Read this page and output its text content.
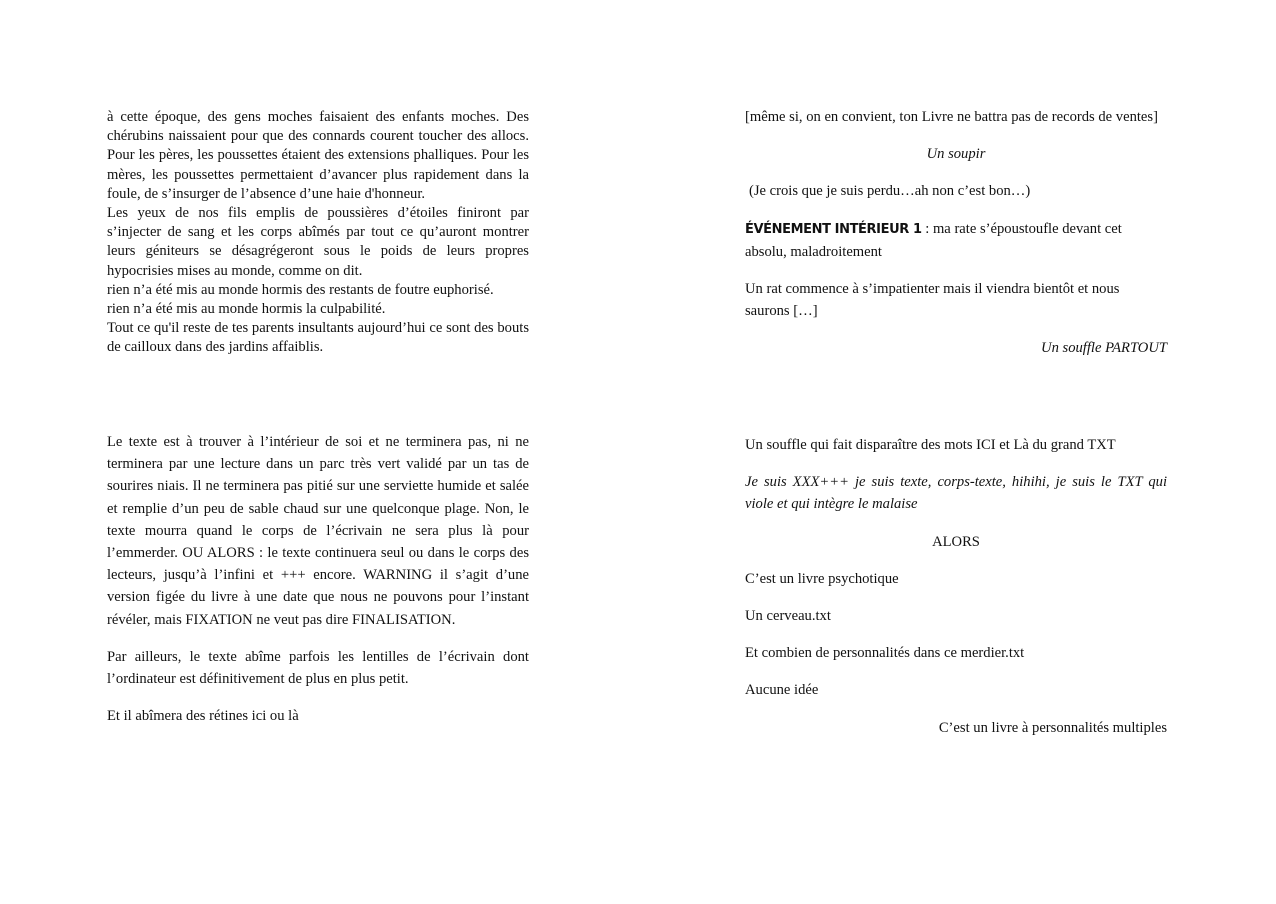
à cette époque, des gens moches faisaient des enfants moches. Des chérubins naissaient pour que des connards courent toucher des allocs. Pour les pères, les poussettes étaient des extensions phalliques. Pour les mères, les poussettes permettaient d’avancer plus rapidement dans la foule, de s’insurger de l’absence d’une haie d'honneur.

Les yeux de nos fils emplis de poussières d’étoiles finiront par s’injecter de sang et les corps abîmés par tout ce qu’auront montrer leurs géniteurs se désagrégeront sous le poids de leurs propres hypocrisies mises au monde, comme on dit.

rien n’a été mis au monde hormis des restants de foutre euphorisé.

rien n’a été mis au monde hormis la culpabilité.

Tout ce qu'il reste de tes parents insultants aujourd’hui ce sont des bouts de cailloux dans des jardins affaiblis.

Le texte est à trouver à l’intérieur de soi et ne terminera pas, ni ne terminera par une lecture dans un parc très vert validé par un tas de sourires niais. Il ne terminera pas pitié sur une serviette humide et salée et remplie d’un peu de sable chaud sur une quelconque plage. Non, le texte mourra quand le corps de l’écrivain ne sera plus là pour l’emmerder. OU ALORS : le texte continuera seul ou dans le corps des lecteurs, jusqu’à l’infini et +++ encore. WARNING il s’agit d’une version figée du livre à une date que nous ne pouvons pour l’instant révéler, mais FIXATION ne veut pas dire FINALISATION.

Par ailleurs, le texte abîme parfois les lentilles de l’écrivain dont l’ordinateur est définitivement de plus en plus petit.

Et il abîmera des rétines ici ou là

[même si, on en convient, ton Livre ne battra pas de records de ventes]

Un soupir

(Je crois que je suis perdu…ah non c’est bon…)

ÉVÉNEMENT INTÉRIEUR 1 : ma rate s’époustoufle devant cet absolu, maladroitement

Un rat commence à s’impatienter mais il viendra bientôt et nous saurons […]

Un souffle PARTOUT

Un souffle qui fait disparaître des mots ICI et Là du grand TXT

Je suis XXX+++ je suis texte, corps-texte, hihihi, je suis le TXT qui viole et qui intègre le malaise

ALORS

C’est un livre psychotique

Un cerveau.txt

Et combien de personnalités dans ce merdier.txt

Aucune idée

C’est un livre à personnalités multiples
